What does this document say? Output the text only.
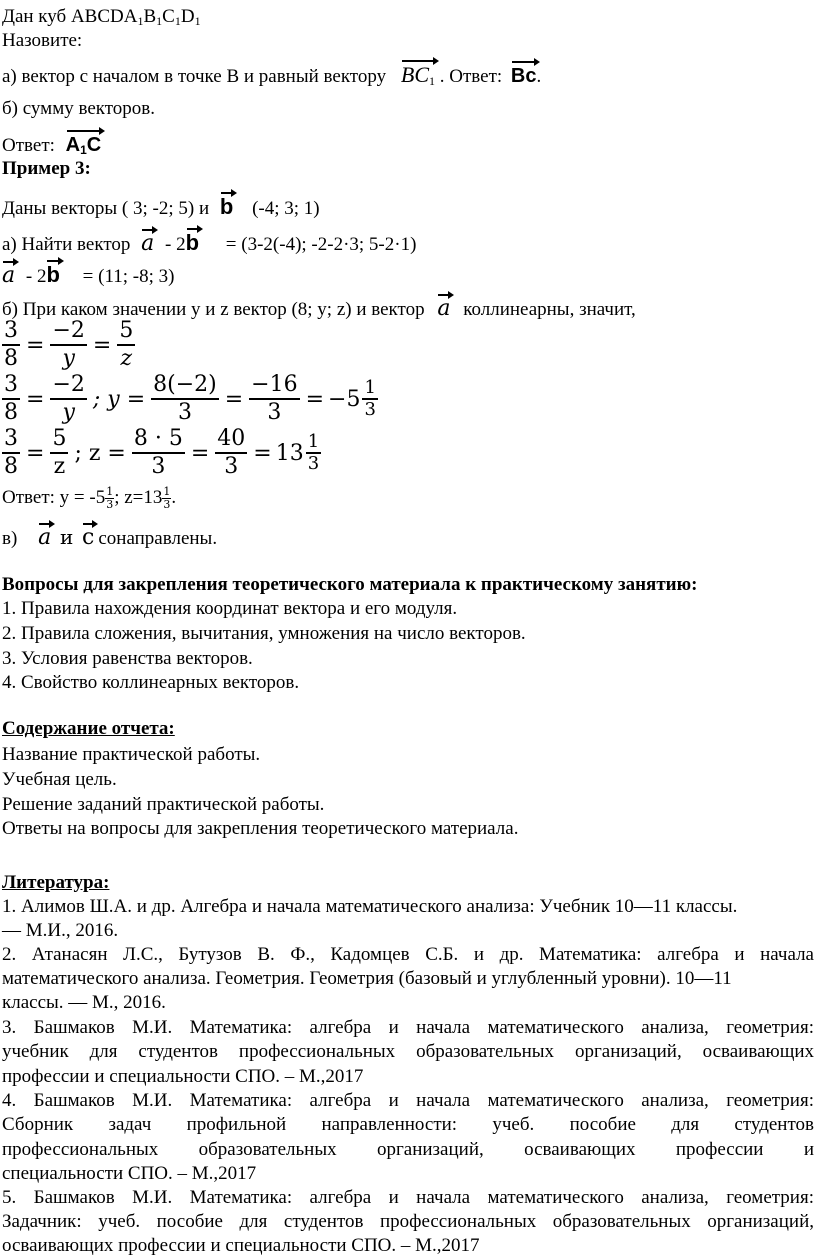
Дан куб $ABCDA_1B_1C_1D_1$
Назовите:
а) вектор с началом в точке B и равный вектору $BC_1$ . Ответ: Bc.
б) сумму векторов.
Ответ: $A_1C$
Пример 3:
Даны векторы ( 3; -2; 5) и b (-4; 3; 1)
а) Найти вектор a - 2b = (3-2(-4); -2-2·3; 5-2·1)
a - 2b = (11; -8; 3)
б) При каком значении y и z вектор (8; y; z) и вектор a коллинеарны, значит,
$\frac{3}{8} = \frac{-2}{y} = \frac{5}{z}$
$\frac{3}{8} = \frac{-2}{y}$ ; $y = \frac{8(-2)}{3} = \frac{-16}{3} = -5 \frac{1}{3}$
$\frac{3}{8} = \frac{5}{z}$ ; $z = \frac{8 \cdot 5}{3} = \frac{40}{3} = 13 \frac{1}{3}$
Ответ: $y = -5 \frac{1}{3}$ ; $z=13 \frac{1}{3}$ .
в) a и c сонаправлены.
Вопросы для закрепления теоретического материала к практическому занятию:
1. Правила нахождения координат вектора и его модуля.
2. Правила сложения, вычитания, умножения на число векторов.
3. Условия равенства векторов.
4. Свойство коллинеарных векторов.
Содержание отчета:
Название практической работы.
Учебная цель.
Решение заданий практической работы.
Ответы на вопросы для закрепления теоретического материала.
Литература:
1. Алимов Ш.А. и др. Алгебра и начала математического анализа: Учебник 10—11 классы.
— М.И., 2016.
2. Атанасян Л.С., Бутузов В. Ф., Кадомцев С.Б. и др. Математика: алгебра и начала
математического анализа. Геометрия. Геометрия (базовый и углубленный уровни). 10—11
классы. — М., 2016.
3. Башмаков М.И. Математика: алгебра и начала математического анализа, геометрия:
учебник для студентов профессиональных образовательных организаций, осваивающих
профессии и специальности СПО. – М.,2017
4. Башмаков М.И. Математика: алгебра и начала математического анализа, геометрия:
Сборник задач профильной направленности: учеб. пособие для студентов
профессиональных образовательных организаций, осваивающих профессии и
специальности СПО. – М.,2017
5. Башмаков М.И. Математика: алгебра и начала математического анализа, геометрия:
Задачник: учеб. пособие для студентов профессиональных образовательных организаций,
осваивающих профессии и специальности СПО. – М.,2017
